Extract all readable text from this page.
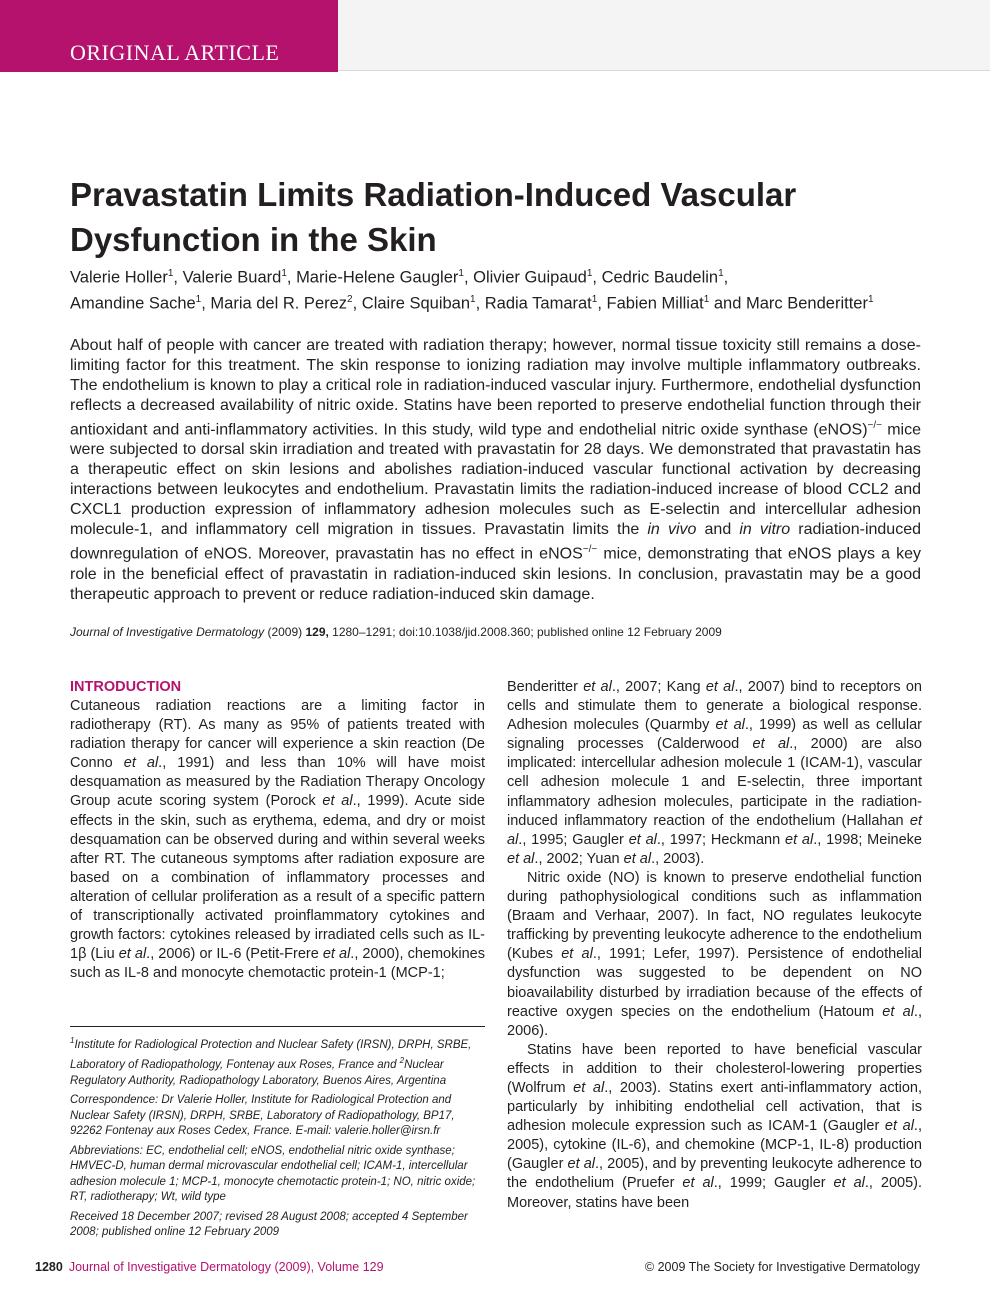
ORIGINAL ARTICLE
Pravastatin Limits Radiation-Induced Vascular Dysfunction in the Skin
Valerie Holler$^1$, Valerie Buard$^1$, Marie-Helene Gaugler$^1$, Olivier Guipaud$^1$, Cedric Baudelin$^1$,
Amandine Sache$^1$, Maria del R. Perez$^2$, Claire Squiban$^1$, Radia Tamarat$^1$, Fabien Milliat$^1$ and Marc Benderitter$^1$
About half of people with cancer are treated with radiation therapy; however, normal tissue toxicity still remains a dose-limiting factor for this treatment. The skin response to ionizing radiation may involve multiple inflammatory outbreaks. The endothelium is known to play a critical role in radiation-induced vascular injury. Furthermore, endothelial dysfunction reflects a decreased availability of nitric oxide. Statins have been reported to preserve endothelial function through their antioxidant and anti-inflammatory activities. In this study, wild type and endothelial nitric oxide synthase (eNOS)−/− mice were subjected to dorsal skin irradiation and treated with pravastatin for 28 days. We demonstrated that pravastatin has a therapeutic effect on skin lesions and abolishes radiation-induced vascular functional activation by decreasing interactions between leukocytes and endothelium. Pravastatin limits the radiation-induced increase of blood CCL2 and CXCL1 production expression of inflammatory adhesion molecules such as E-selectin and intercellular adhesion molecule-1, and inflammatory cell migration in tissues. Pravastatin limits the in vivo and in vitro radiation-induced downregulation of eNOS. Moreover, pravastatin has no effect in eNOS−/− mice, demonstrating that eNOS plays a key role in the beneficial effect of pravastatin in radiation-induced skin lesions. In conclusion, pravastatin may be a good therapeutic approach to prevent or reduce radiation-induced skin damage.
Journal of Investigative Dermatology (2009) 129, 1280–1291; doi:10.1038/jid.2008.360; published online 12 February 2009

INTRODUCTION

Cutaneous radiation reactions are a limiting factor in radiotherapy (RT). As many as 95% of patients treated with radiation therapy for cancer will experience a skin reaction (De Conno et al., 1991) and less than 10% will have moist desquamation as measured by the Radiation Therapy Oncology Group acute scoring system (Porock et al., 1999). Acute side effects in the skin, such as erythema, edema, and dry or moist desquamation can be observed during and within several weeks after RT. The cutaneous symptoms after radiation exposure are based on a combination of inflammatory processes and alteration of cellular proliferation as a result of a specific pattern of transcriptionally activated proinflammatory cytokines and growth factors: cytokines released by irradiated cells such as IL-1β (Liu et al., 2006) or IL-6 (Petit-Frere et al., 2000), chemokines such as IL-8 and monocyte chemotactic protein-1 (MCP-1;

Benderitter et al., 2007; Kang et al., 2007) bind to receptors on cells and stimulate them to generate a biological response. Adhesion molecules (Quarmby et al., 1999) as well as cellular signaling processes (Calderwood et al., 2000) are also implicated: intercellular adhesion molecule 1 (ICAM-1), vascular cell adhesion molecule 1 and E-selectin, three important inflammatory adhesion molecules, participate in the radiation-induced inflammatory reaction of the endothelium (Hallahan et al., 1995; Gaugler et al., 1997; Heckmann et al., 1998; Meineke et al., 2002; Yuan et al., 2003).

Nitric oxide (NO) is known to preserve endothelial function during pathophysiological conditions such as inflammation (Braam and Verhaar, 2007). In fact, NO regulates leukocyte trafficking by preventing leukocyte adherence to the endothelium (Kubes et al., 1991; Lefer, 1997). Persistence of endothelial dysfunction was suggested to be dependent on NO bioavailability disturbed by irradiation because of the effects of reactive oxygen species on the endothelium (Hatoum et al., 2006).

Statins have been reported to have beneficial vascular effects in addition to their cholesterol-lowering properties (Wolfrum et al., 2003). Statins exert anti-inflammatory action, particularly by inhibiting endothelial cell activation, that is adhesion molecule expression such as ICAM-1 (Gaugler et al., 2005), cytokine (IL-6), and chemokine (MCP-1, IL-8) production (Gaugler et al., 2005), and by preventing leukocyte adherence to the endothelium (Pruefer et al., 1999; Gaugler et al., 2005). Moreover, statins have been

$^1$Institute for Radiological Protection and Nuclear Safety (IRSN), DRPH, SRBE, Laboratory of Radiopathology, Fontenay aux Roses, France and $^2$Nuclear Regulatory Authority, Radiopathology Laboratory, Buenos Aires, Argentina

Correspondence: Dr Valerie Holler, Institute for Radiological Protection and Nuclear Safety (IRSN), DRPH, SRBE, Laboratory of Radiopathology, BP17, 92262 Fontenay aux Roses Cedex, France. E-mail: valerie.holler@irsn.fr

Abbreviations: EC, endothelial cell; eNOS, endothelial nitric oxide synthase; HMVEC-D, human dermal microvascular endothelial cell; ICAM-1, intercellular adhesion molecule 1; MCP-1, monocyte chemotactic protein-1; NO, nitric oxide; RT, radiotherapy; Wt, wild type

Received 18 December 2007; revised 28 August 2008; accepted 4 September 2008; published online 12 February 2009

1280 Journal of Investigative Dermatology (2009), Volume 129	© 2009 The Society for Investigative Dermatology
